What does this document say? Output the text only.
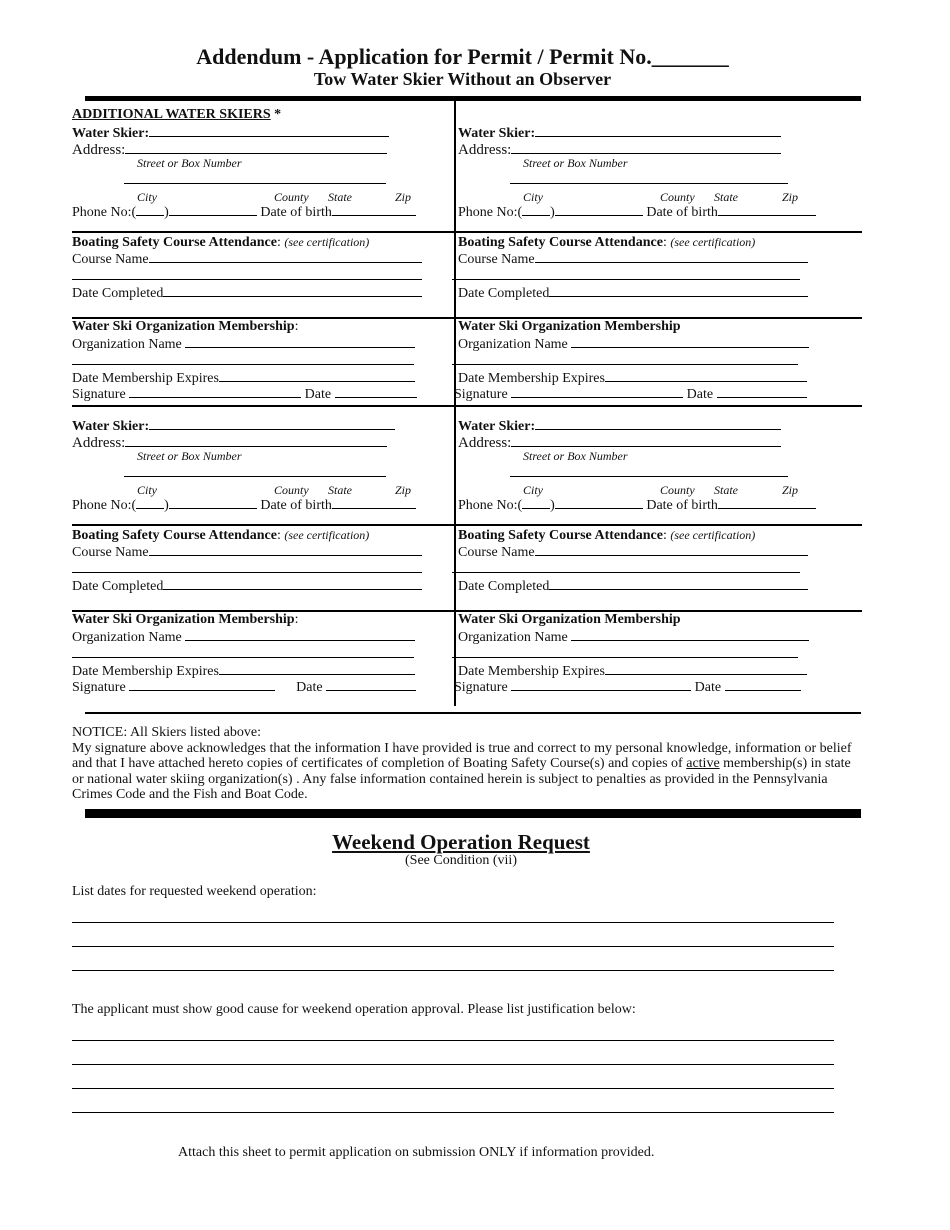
Addendum - Application for Permit / Permit No._______
Tow Water Skier Without an Observer
ADDITIONAL WATER SKIERS *
Water Skier:
Address:
Street or Box Number
City	County State	Zip
Phone No:( )	Date of birth
Boating Safety Course Attendance: (see certification)
Course Name
Date Completed
Water Ski Organization Membership:
Organization Name
Date Membership Expires
Signature	Date
Water Skier:
Address:
Street or Box Number
City	County State	Zip
Phone No:( )	Date of birth
Boating Safety Course Attendance: (see certification)
Course Name
Date Completed
Water Ski Organization Membership
Organization Name
Date Membership Expires
Signature	Date
Water Skier:
Address:
Street or Box Number
City	County State	Zip
Phone No:( )	Date of birth
Boating Safety Course Attendance: (see certification)
Course Name
Date Completed
Water Ski Organization Membership:
Organization Name
Date Membership Expires
Signature	Date
Water Skier:
Address:
Street or Box Number
City	County State	Zip
Phone No:( )	Date of birth
Boating Safety Course Attendance: (see certification)
Course Name
Date Completed
Water Ski Organization Membership
Organization Name
Date Membership Expires
Signature	Date
NOTICE: All Skiers listed above:
My signature above acknowledges that the information I have provided is true and correct to my personal knowledge, information or belief and that I have attached hereto copies of certificates of completion of Boating Safety Course(s) and copies of active membership(s) in state or national water skiing organization(s) . Any false information contained herein is subject to penalties as provided in the Pennsylvania Crimes Code and the Fish and Boat Code.
Weekend Operation Request
(See Condition (vii)
List dates for requested weekend operation:
The applicant must show good cause for weekend operation approval. Please list justification below:
Attach this sheet to permit application on submission ONLY if information provided.
